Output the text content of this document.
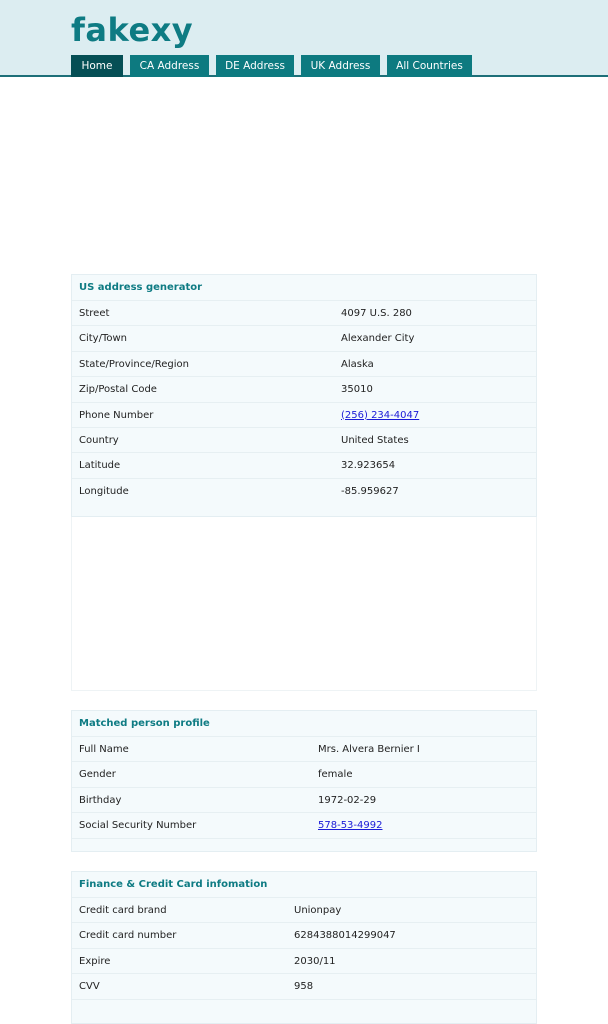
fakexy
Home	CA Address	DE Address	UK Address	All Countries
US address generator
Street	4097 U.S. 280
City/Town	Alexander City
State/Province/Region	Alaska
Zip/Postal Code	35010
Phone Number	(256) 234-4047
Country	United States
Latitude	32.923654
Longitude	-85.959627
Matched person profile
Full Name	Mrs. Alvera Bernier I
Gender	female
Birthday	1972-02-29
Social Security Number	578-53-4992
Finance & Credit Card infomation
Credit card brand	Unionpay
Credit card number	6284388014299047
Expire	2030/11
CVV	958
